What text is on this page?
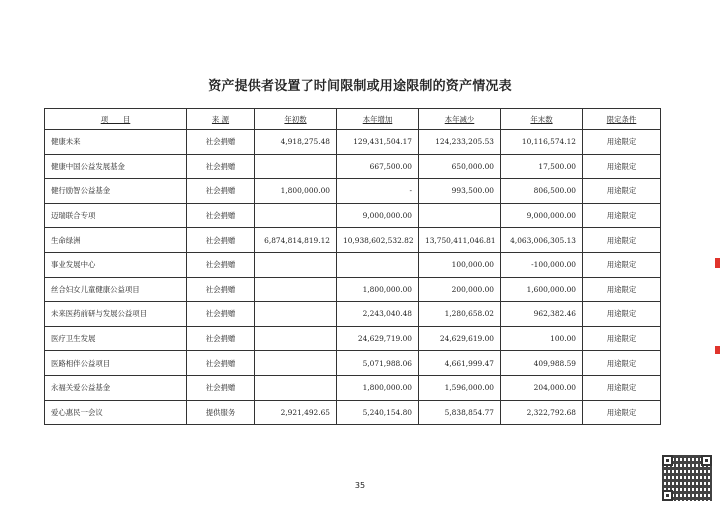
资产提供者设置了时间限制或用途限制的资产情况表
项　　目	来 源	年初数	本年增加	本年减少	年末数	限定条件
健康未来	社会捐赠	4,918,275.48	129,431,504.17	124,233,205.53	10,116,574.12	用途限定
健康中国公益发展基金	社会捐赠		667,500.00	650,000.00	17,500.00	用途限定
健行励智公益基金	社会捐赠	1,800,000.00	-	993,500.00	806,500.00	用途限定
迈瑞联合专项	社会捐赠		9,000,000.00		9,000,000.00	用途限定
生命绿洲	社会捐赠	6,874,814,819.12	10,938,602,532.82	13,750,411,046.81	4,063,006,305.13	用途限定
事业发展中心	社会捐赠			100,000.00	-100,000.00	用途限定
丝合妇女儿童健康公益项目	社会捐赠		1,800,000.00	200,000.00	1,600,000.00	用途限定
未来医药前研与发展公益项目	社会捐赠		2,243,040.48	1,280,658.02	962,382.46	用途限定
医疗卫生发展	社会捐赠		24,629,719.00	24,629,619.00	100.00	用途限定
医路相伴公益项目	社会捐赠		5,071,988.06	4,661,999.47	409,988.59	用途限定
永福关爱公益基金	社会捐赠		1,800,000.00	1,596,000.00	204,000.00	用途限定
爱心惠民一会议	提供服务	2,921,492.65	5,240,154.80	5,838,854.77	2,322,792.68	用途限定
35
